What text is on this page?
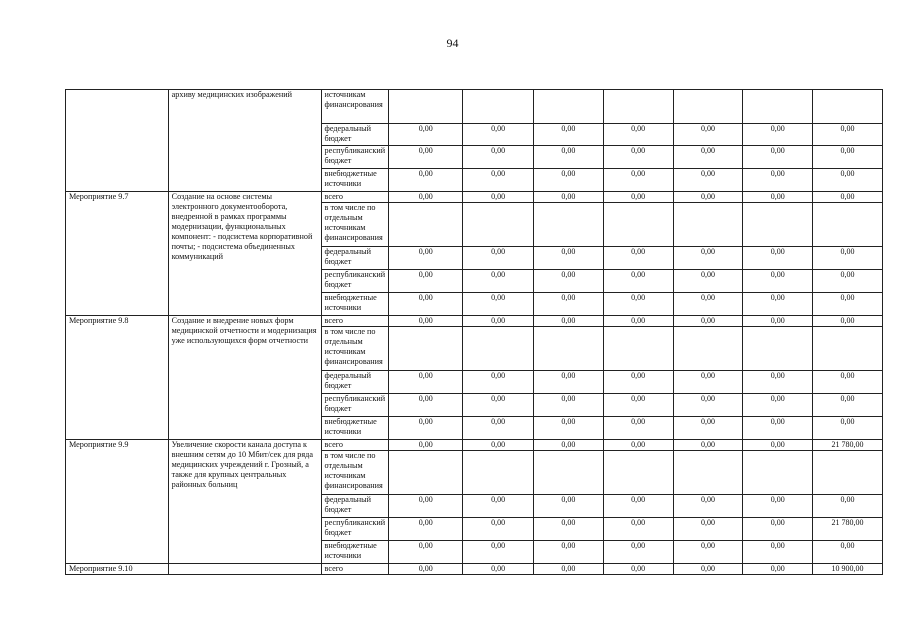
94
	архиву медицинских изображений	источникам финансирования							
		федеральный бюджет	0,00	0,00	0,00	0,00	0,00	0,00	0,00
		республиканский бюджет	0,00	0,00	0,00	0,00	0,00	0,00	0,00
		внебюджетные источники	0,00	0,00	0,00	0,00	0,00	0,00	0,00
Мероприятие 9.7	Создание на основе системы электронного документооборота, внедренной в рамках программы модернизации, функциональных компонент: - подсистема корпоративной почты; - подсистема объединенных коммуникаций	всего	0,00	0,00	0,00	0,00	0,00	0,00	0,00
		в том числе по отдельным источникам финансирования							
		федеральный бюджет	0,00	0,00	0,00	0,00	0,00	0,00	0,00
		республиканский бюджет	0,00	0,00	0,00	0,00	0,00	0,00	0,00
		внебюджетные источники	0,00	0,00	0,00	0,00	0,00	0,00	0,00
Мероприятие 9.8	Создание и внедрение новых форм медицинской отчетности и модернизация уже использующихся форм отчетности	всего	0,00	0,00	0,00	0,00	0,00	0,00	0,00
		в том числе по отдельным источникам финансирования							
		федеральный бюджет	0,00	0,00	0,00	0,00	0,00	0,00	0,00
		республиканский бюджет	0,00	0,00	0,00	0,00	0,00	0,00	0,00
		внебюджетные источники	0,00	0,00	0,00	0,00	0,00	0,00	0,00
Мероприятие 9.9	Увеличение скорости канала доступа к внешним сетям до 10 Мбит/сек для ряда медицинских учреждений г. Грозный, а также для крупных центральных районных больниц	всего	0,00	0,00	0,00	0,00	0,00	0,00	21 780,00
		в том числе по отдельным источникам финансирования							
		федеральный бюджет	0,00	0,00	0,00	0,00	0,00	0,00	0,00
		республиканский бюджет	0,00	0,00	0,00	0,00	0,00	0,00	21 780,00
		внебюджетные источники	0,00	0,00	0,00	0,00	0,00	0,00	0,00
Мероприятие 9.10		всего	0,00	0,00	0,00	0,00	0,00	0,00	10 900,00
